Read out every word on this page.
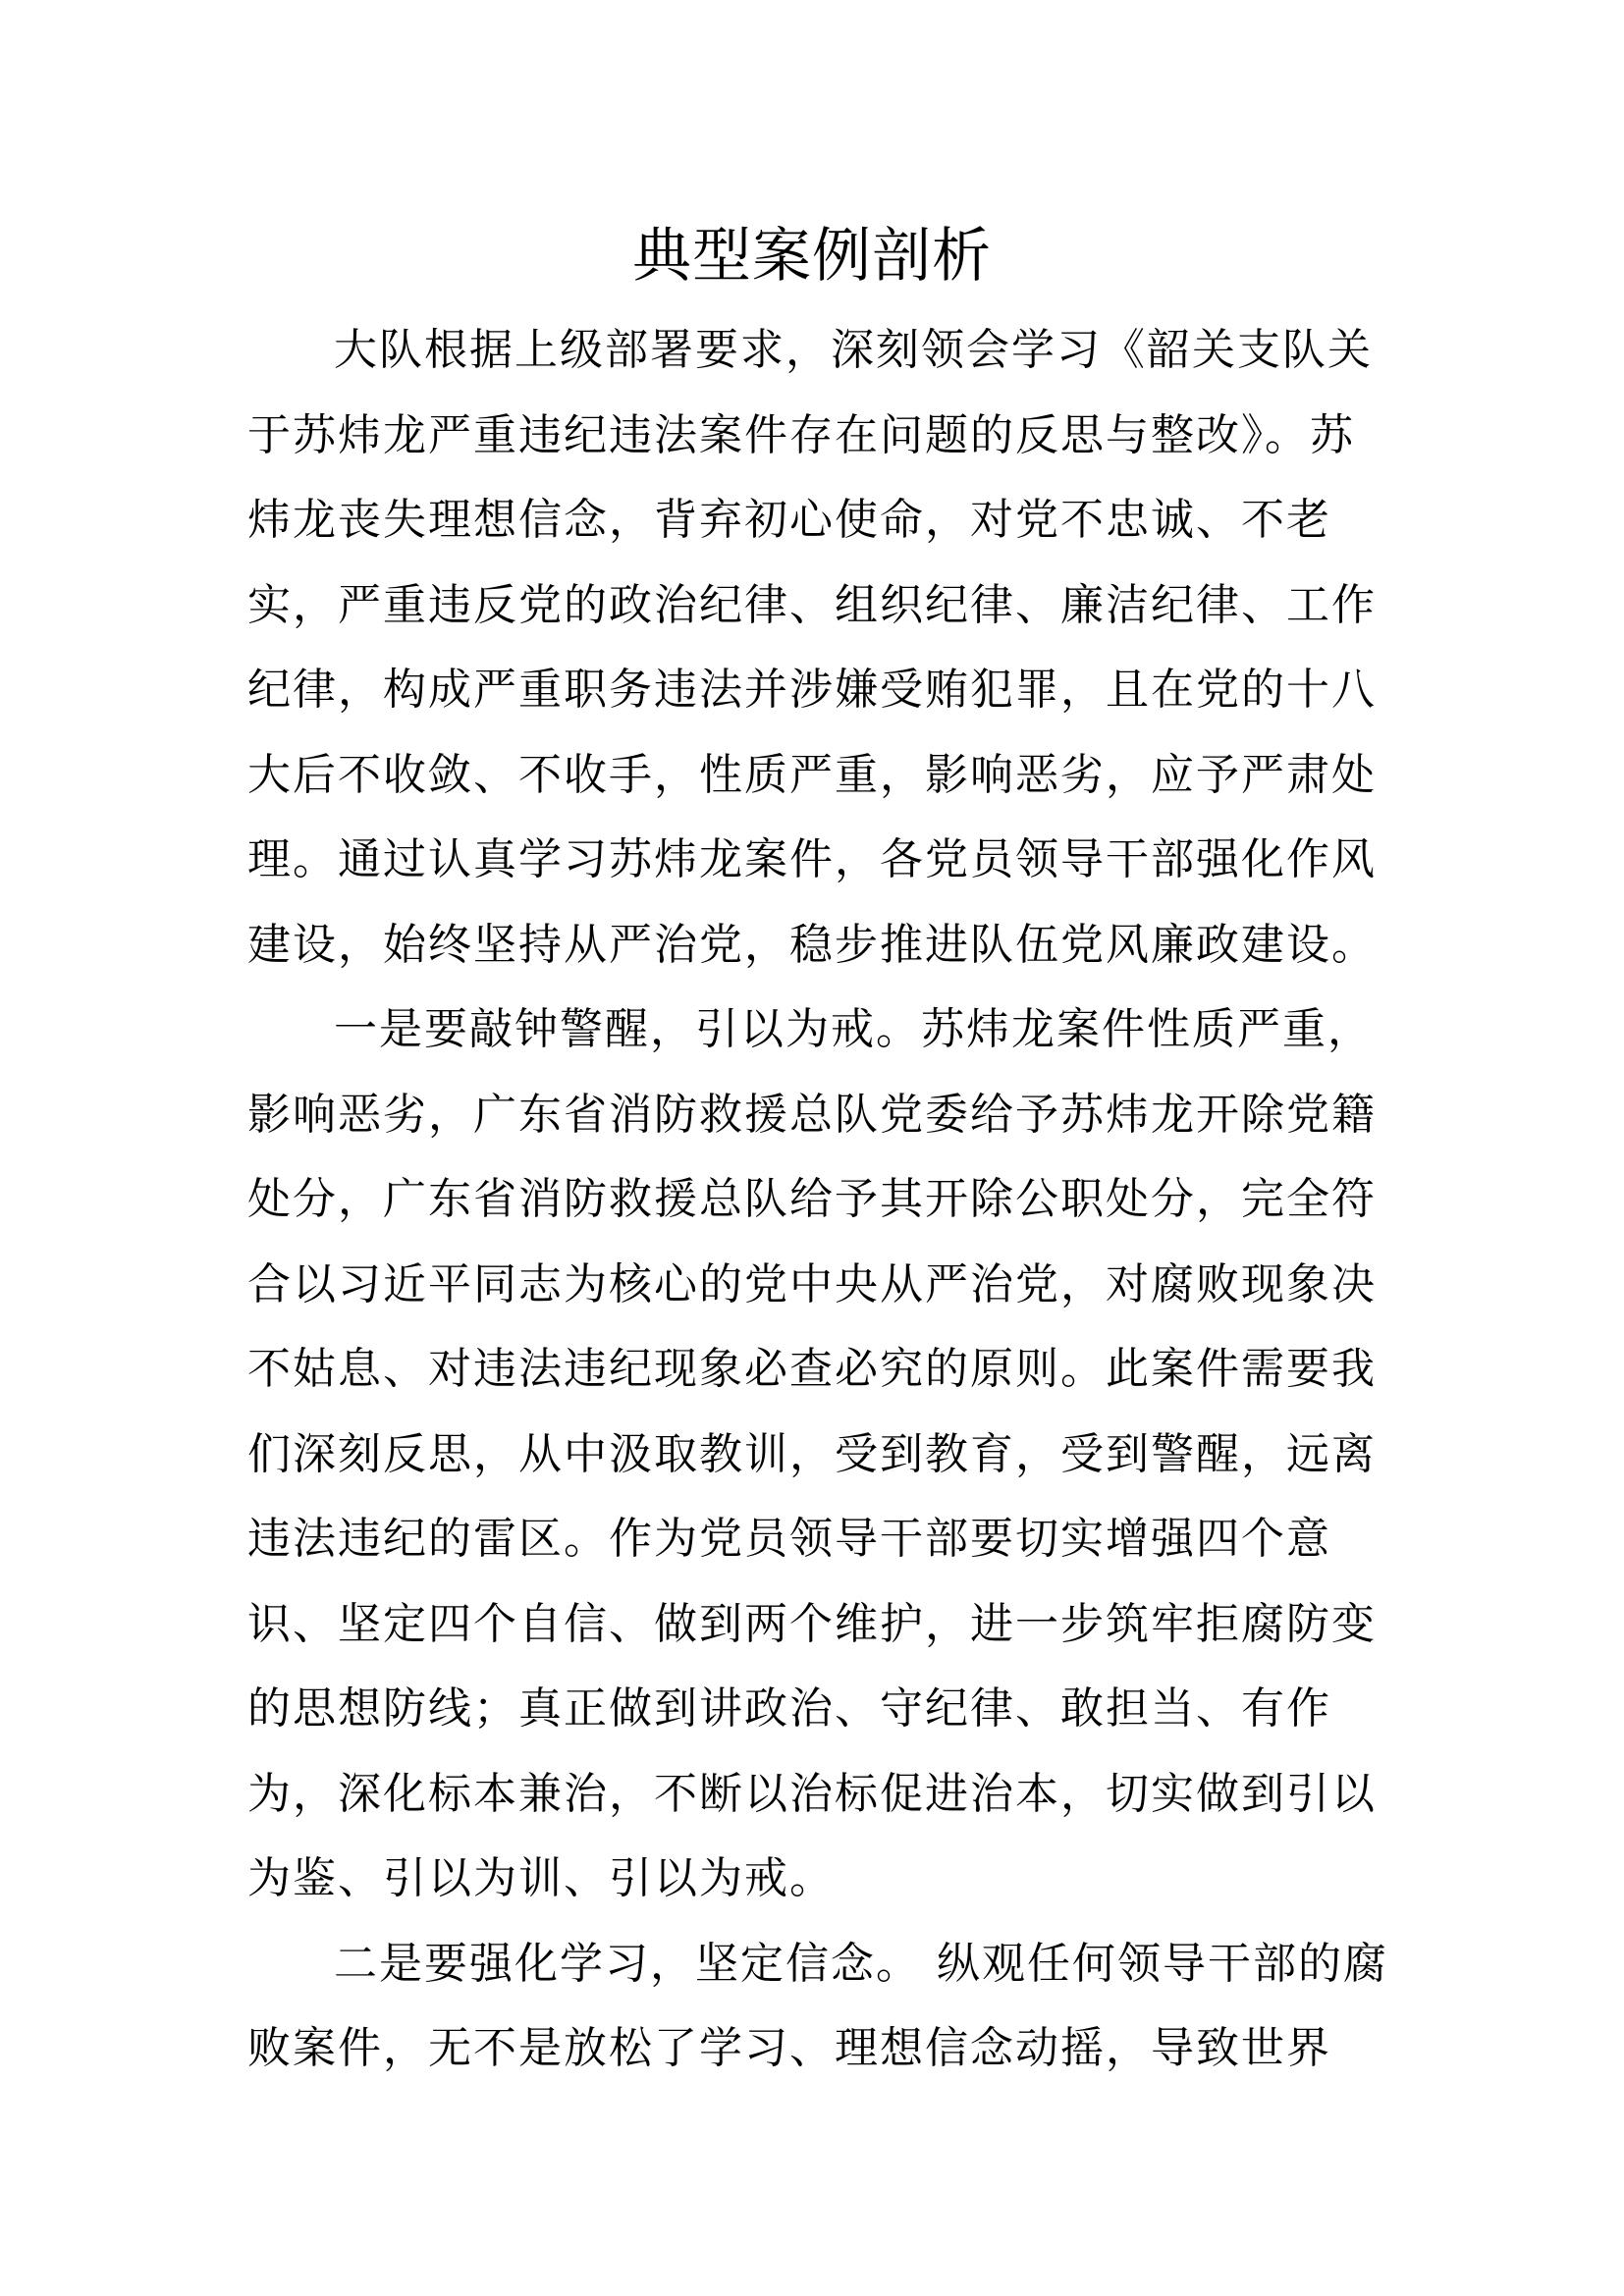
典型案例剖析
大队根据上级部署要求，深刻领会学习《韶关支队关
于苏炜龙严重违纪违法案件存在问题的反思与整改》。苏
炜龙丧失理想信念，背弃初心使命，对党不忠诚、不老
实，严重违反党的政治纪律、组织纪律、廉洁纪律、工作
纪律，构成严重职务违法并涉嫌受贿犯罪，且在党的十八
大后不收敛、不收手，性质严重，影响恶劣，应予严肃处
理。通过认真学习苏炜龙案件，各党员领导干部强化作风
建设，始终坚持从严治党，稳步推进队伍党风廉政建设。
一是要敲钟警醒，引以为戒。苏炜龙案件性质严重，
影响恶劣，广东省消防救援总队党委给予苏炜龙开除党籍
处分，广东省消防救援总队给予其开除公职处分，完全符
合以习近平同志为核心的党中央从严治党，对腐败现象决
不姑息、对违法违纪现象必查必究的原则。此案件需要我
们深刻反思，从中汲取教训，受到教育，受到警醒，远离
违法违纪的雷区。作为党员领导干部要切实增强四个意
识、坚定四个自信、做到两个维护，进一步筑牢拒腐防变
的思想防线；真正做到讲政治、守纪律、敢担当、有作
为，深化标本兼治，不断以治标促进治本，切实做到引以
为鉴、引以为训、引以为戒。
二是要强化学习，坚定信念。 纵观任何领导干部的腐
败案件，无不是放松了学习、理想信念动摇，导致世界
